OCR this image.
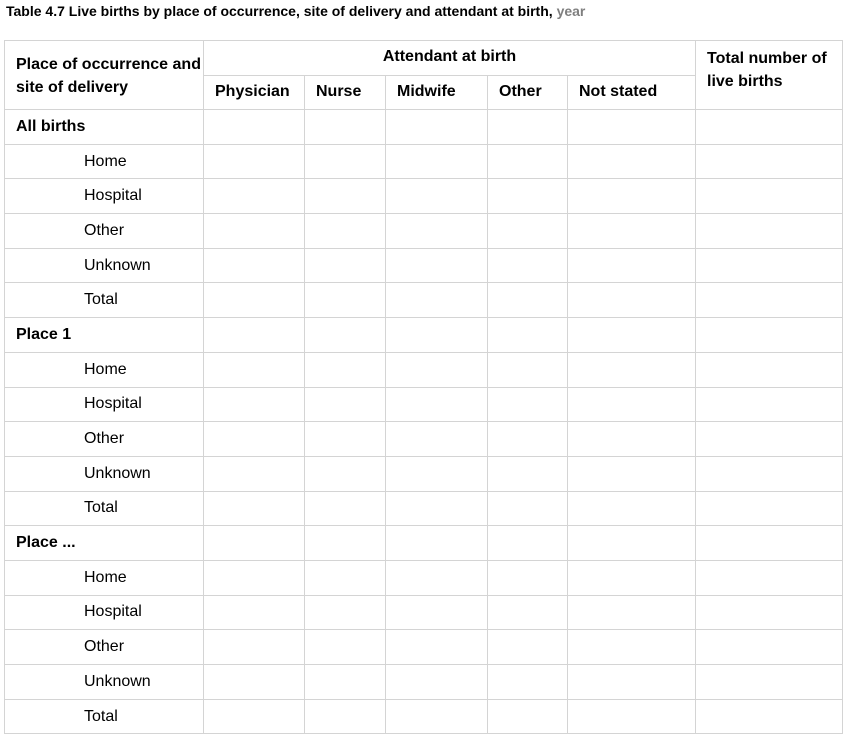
Table 4.7 Live births by place of occurrence, site of delivery and attendant at birth, year
Place of occurrence and site of delivery	Attendant at birth					Total number of live births
	Physician	Nurse	Midwife	Other	Not stated	
All births						
Home						
Hospital						
Other						
Unknown						
Total						
Place 1						
Home						
Hospital						
Other						
Unknown						
Total						
Place ...						
Home						
Hospital						
Other						
Unknown						
Total						
